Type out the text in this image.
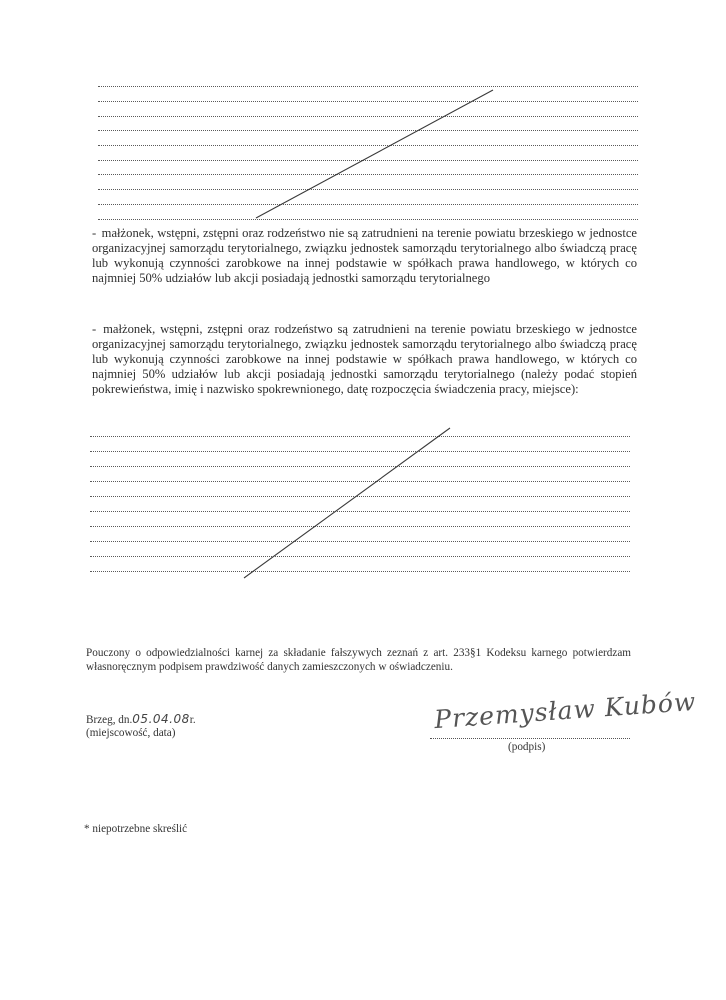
- małżonek, wstępni, zstępni oraz rodzeństwo nie są zatrudnieni na terenie powiatu brzeskiego w jednostce organizacyjnej samorządu terytorialnego, związku jednostek samorządu terytorialnego albo świadczą pracę lub wykonują czynności zarobkowe na innej podstawie w spółkach prawa handlowego, w których co najmniej 50% udziałów lub akcji posiadają jednostki samorządu terytorialnego
- małżonek, wstępni, zstępni oraz rodzeństwo są zatrudnieni na terenie powiatu brzeskiego w jednostce organizacyjnej samorządu terytorialnego, związku jednostek samorządu terytorialnego albo świadczą pracę lub wykonują czynności zarobkowe na innej podstawie w spółkach prawa handlowego, w których co najmniej 50% udziałów lub akcji posiadają jednostki samorządu terytorialnego (należy podać stopień pokrewieństwa, imię i nazwisko spokrewnionego, datę rozpoczęcia świadczenia pracy, miejsce):
Pouczony o odpowiedzialności karnej za składanie fałszywych zeznań z art. 233§1 Kodeksu karnego potwierdzam własnoręcznym podpisem prawdziwość danych zamieszczonych w oświadczeniu.
Brzeg, dn.05.04.08r.
(miejscowość, data)	Przemysław Kubów
(podpis)
* niepotrzebne skreślić
